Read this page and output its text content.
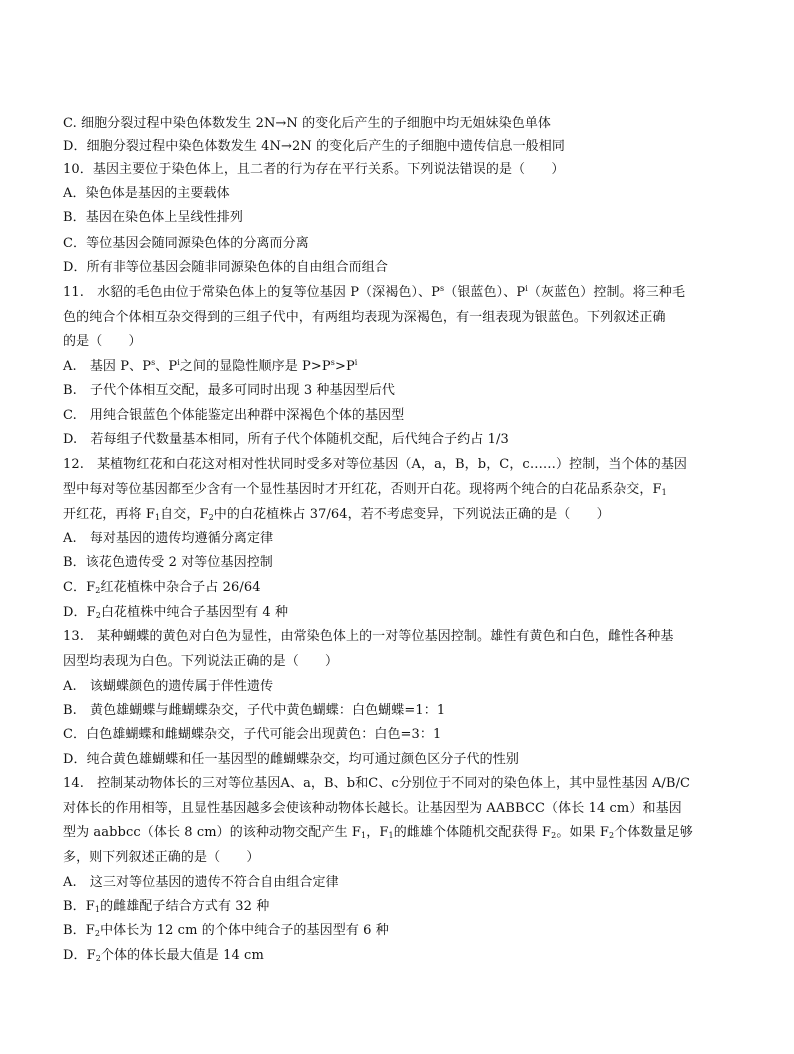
C. 细胞分裂过程中染色体数发生 2N→N 的变化后产生的子细胞中均无姐妹染色单体
D．细胞分裂过程中染色体数发生 4N→2N 的变化后产生的子细胞中遗传信息一般相同
10．基因主要位于染色体上，且二者的行为存在平行关系。下列说法错误的是（　　）
A．染色体是基因的主要载体
B．基因在染色体上呈线性排列
C．等位基因会随同源染色体的分离而分离
D．所有非等位基因会随非同源染色体的自由组合而组合
11.　水貂的毛色由位于常染色体上的复等位基因 P（深褐色）、$P^s$（银蓝色）、$P^i$（灰蓝色）控制。将三种毛
色的纯合个体相互杂交得到的三组子代中，有两组均表现为深褐色，有一组表现为银蓝色。下列叙述正确
的是（　　）
A.　基因 P、$P^s$、$P^i$之间的显隐性顺序是 $P>P^s>P^i$
B.　子代个体相互交配，最多可同时出现 3 种基因型后代
C.　用纯合银蓝色个体能鉴定出种群中深褐色个体的基因型
D.　若每组子代数量基本相同，所有子代个体随机交配，后代纯合子约占 1/3
12.　某植物红花和白花这对相对性状同时受多对等位基因（A，a，B，b，C，c……）控制，当个体的基因
型中每对等位基因都至少含有一个显性基因时才开红花，否则开白花。现将两个纯合的白花品系杂交，$F_1$
开红花，再将 $F_1$自交，$F_2$中的白花植株占 37/64，若不考虑变异，下列说法正确的是（　　）
A.　每对基因的遗传均遵循分离定律
B．该花色遗传受 2 对等位基因控制
C．$F_2$红花植株中杂合子占 26/64
D．$F_2$白花植株中纯合子基因型有 4 种
13.　某种蝴蝶的黄色对白色为显性，由常染色体上的一对等位基因控制。雄性有黄色和白色，雌性各种基
因型均表现为白色。下列说法正确的是（　　）
A.　该蝴蝶颜色的遗传属于伴性遗传
B.　黄色雄蝴蝶与雌蝴蝶杂交，子代中黄色蝴蝶：白色蝴蝶=1：1
C．白色雄蝴蝶和雌蝴蝶杂交，子代可能会出现黄色：白色=3：1
D．纯合黄色雄蝴蝶和任一基因型的雌蝴蝶杂交，均可通过颜色区分子代的性别
14.　控制某动物体长的三对等位基因A、a，B、b和C、c分别位于不同对的染色体上，其中显性基因 A/B/C
对体长的作用相等，且显性基因越多会使该种动物体长越长。让基因型为 AABBCC（体长 14 cm）和基因
型为 aabbcc（体长 8 cm）的该种动物交配产生 $F_1$，$F_1$的雌雄个体随机交配获得 $F_2$。如果 $F_2$个体数量足够
多，则下列叙述正确的是（　　）
A.　这三对等位基因的遗传不符合自由组合定律
B．$F_1$的雌雄配子结合方式有 32 种
B．$F_2$中体长为 12 cm 的个体中纯合子的基因型有 6 种
D．$F_2$个体的体长最大值是 14 cm
